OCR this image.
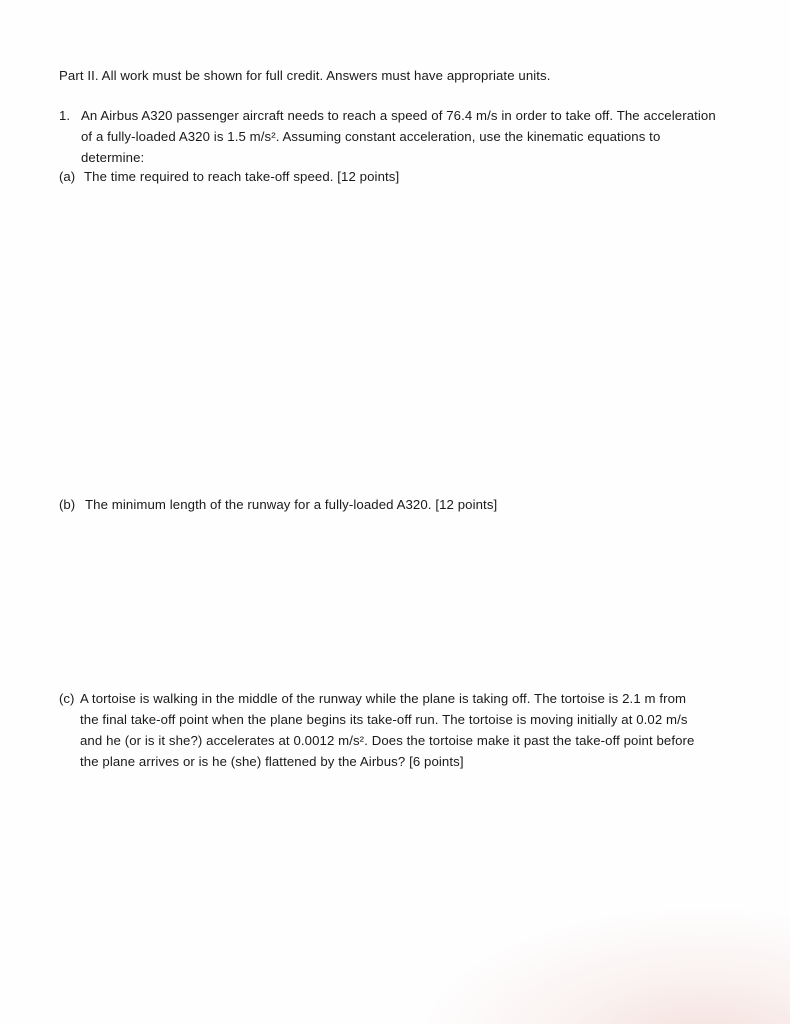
Part II. All work must be shown for full credit. Answers must have appropriate units.
1. An Airbus A320 passenger aircraft needs to reach a speed of 76.4 m/s in order to take off. The acceleration
of a fully-loaded A320 is 1.5 m/s². Assuming constant acceleration, use the kinematic equations to
determine:
(a) The time required to reach take-off speed. [12 points]
(b) The minimum length of the runway for a fully-loaded A320. [12 points]
(c) A tortoise is walking in the middle of the runway while the plane is taking off. The tortoise is 2.1 m from
the final take-off point when the plane begins its take-off run. The tortoise is moving initially at 0.02 m/s
and he (or is it she?) accelerates at 0.0012 m/s². Does the tortoise make it past the take-off point before
the plane arrives or is he (she) flattened by the Airbus? [6 points]
